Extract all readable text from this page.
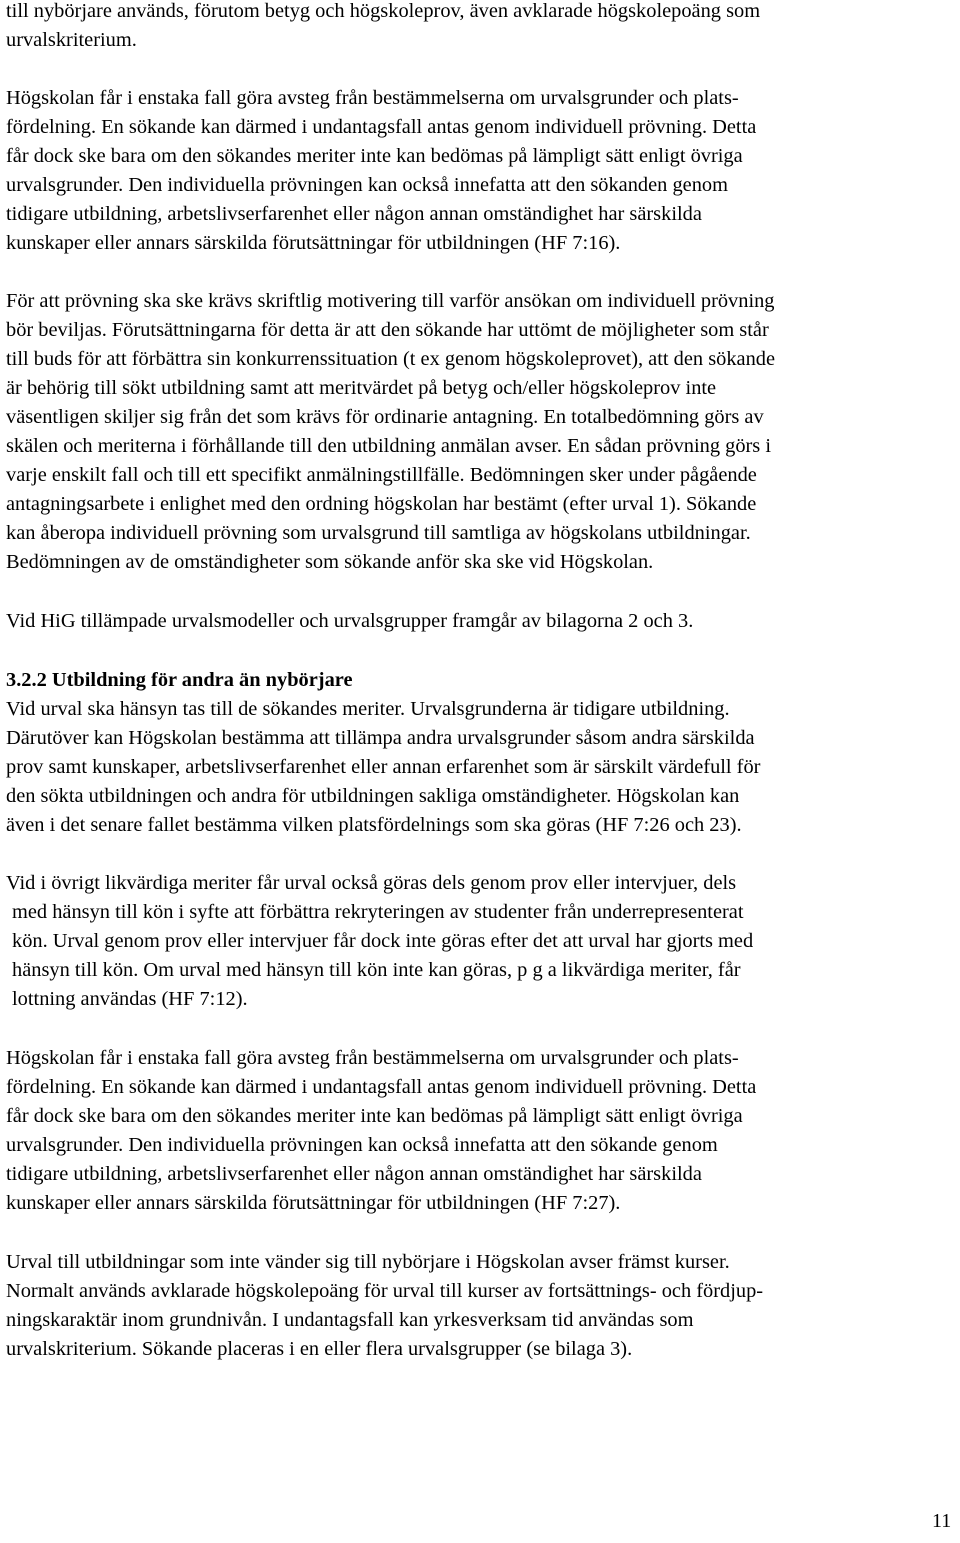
till nybörjare används, förutom betyg och högskoleprov, även avklarade högskolepoäng som
urvalskriterium.
Högskolan får i enstaka fall göra avsteg från bestämmelserna om urvalsgrunder och plats-
fördelning. En sökande kan därmed i undantagsfall antas genom individuell prövning. Detta
får dock ske bara om den sökandes meriter inte kan bedömas på lämpligt sätt enligt övriga
urvalsgrunder. Den individuella prövningen kan också innefatta att den sökanden genom
tidigare utbildning, arbetslivserfarenhet eller någon annan omständighet har särskilda
kunskaper eller annars särskilda förutsättningar för utbildningen (HF 7:16).
För att prövning ska ske krävs skriftlig motivering till varför ansökan om individuell prövning
bör beviljas. Förutsättningarna för detta är att den sökande har uttömt de möjligheter som står
till buds för att förbättra sin konkurrenssituation (t ex genom högskoleprovet), att den sökande
är behörig till sökt utbildning samt att meritvärdet på betyg och/eller högskoleprov inte
väsentligen skiljer sig från det som krävs för ordinarie antagning. En totalbedömning görs av
skälen och meriterna i förhållande till den utbildning anmälan avser. En sådan prövning görs i
varje enskilt fall och till ett specifikt anmälningstillfälle. Bedömningen sker under pågående
antagningsarbete i enlighet med den ordning högskolan har bestämt (efter urval 1). Sökande
kan åberopa individuell prövning som urvalsgrund till samtliga av högskolans utbildningar.
Bedömningen av de omständigheter som sökande anför ska ske vid Högskolan.
Vid HiG tillämpade urvalsmodeller och urvalsgrupper framgår av bilagorna 2 och 3.
3.2.2 Utbildning för andra än nybörjare
Vid urval ska hänsyn tas till de sökandes meriter. Urvalsgrunderna är tidigare utbildning.
Därutöver kan Högskolan bestämma att tillämpa andra urvalsgrunder såsom andra särskilda
prov samt kunskaper, arbetslivserfarenhet eller annan erfarenhet som är särskilt värdefull för
den sökta utbildningen och andra för utbildningen sakliga omständigheter. Högskolan kan
även i det senare fallet bestämma vilken platsfördelnings som ska göras (HF 7:26 och 23).
Vid i övrigt likvärdiga meriter får urval också göras dels genom prov eller intervjuer, dels
med hänsyn till kön i syfte att förbättra rekryteringen av studenter från underrepresenterat
kön. Urval genom prov eller intervjuer får dock inte göras efter det att urval har gjorts med
hänsyn till kön. Om urval med hänsyn till kön inte kan göras, p g a likvärdiga meriter, får
lottning användas (HF 7:12).
Högskolan får i enstaka fall göra avsteg från bestämmelserna om urvalsgrunder och plats-
fördelning. En sökande kan därmed i undantagsfall antas genom individuell prövning. Detta
får dock ske bara om den sökandes meriter inte kan bedömas på lämpligt sätt enligt övriga
urvalsgrunder. Den individuella prövningen kan också innefatta att den sökande genom
tidigare utbildning, arbetslivserfarenhet eller någon annan omständighet har särskilda
kunskaper eller annars särskilda förutsättningar för utbildningen (HF 7:27).
Urval till utbildningar som inte vänder sig till nybörjare i Högskolan avser främst kurser.
Normalt används avklarade högskolepoäng för urval till kurser av fortsättnings- och fördjup-
ningskaraktär inom grundnivån. I undantagsfall kan yrkesverksam tid användas som
urvalskriterium. Sökande placeras i en eller flera urvalsgrupper (se bilaga 3).
11
